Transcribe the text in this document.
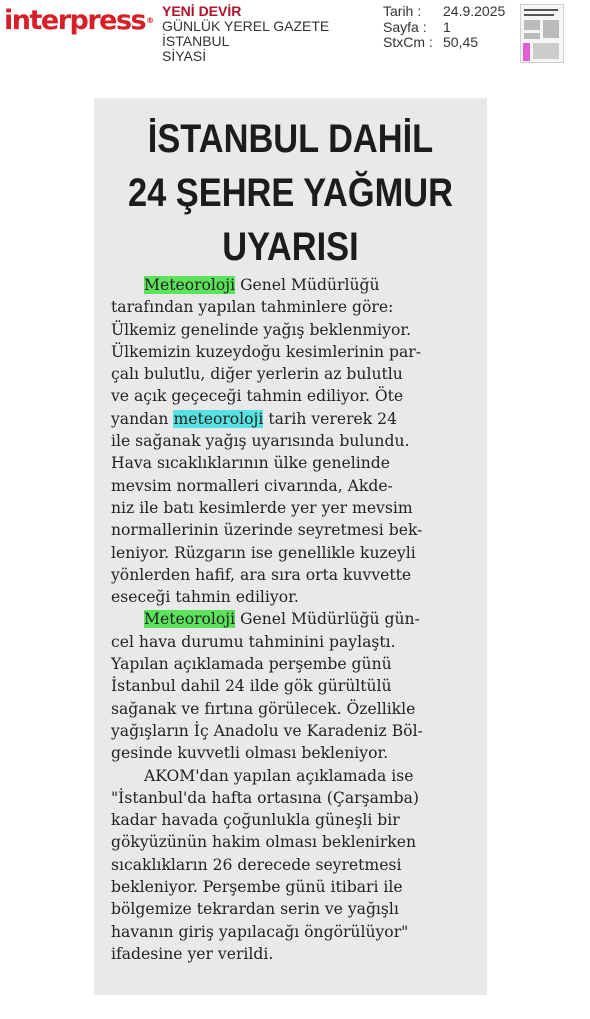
interpress®
YENİ DEVİR
GÜNLÜK YEREL GAZETE
İSTANBUL
SİYASİ
Tarih :	24.9.2025
Sayfa :	1
StxCm : 50,45
İSTANBUL DAHİL
24 ŞEHRE YAĞMUR
UYARISI
Meteoroloji Genel Müdürlüğü
tarafından yapılan tahminlere göre:
Ülkemiz genelinde yağış beklenmiyor.
Ülkemizin kuzeydoğu kesimlerinin par-
çalı bulutlu, diğer yerlerin az bulutlu
ve açık geçeceği tahmin ediliyor. Öte
yandan meteoroloji tarih vererek 24
ile sağanak yağış uyarısında bulundu.
Hava sıcaklıklarının ülke genelinde
mevsim normalleri civarında, Akde-
niz ile batı kesimlerde yer yer mevsim
normallerinin üzerinde seyretmesi bek-
leniyor. Rüzgarın ise genellikle kuzeyli
yönlerden hafif, ara sıra orta kuvvette
eseceği tahmin ediliyor.
Meteoroloji Genel Müdürlüğü gün-
cel hava durumu tahminini paylaştı.
Yapılan açıklamada perşembe günü
İstanbul dahil 24 ilde gök gürültülü
sağanak ve fırtına görülecek. Özellikle
yağışların İç Anadolu ve Karadeniz Böl-
gesinde kuvvetli olması bekleniyor.
AKOM'dan yapılan açıklamada ise
"İstanbul'da hafta ortasına (Çarşamba)
kadar havada çoğunlukla güneşli bir
gökyüzünün hakim olması beklenirken
sıcaklıkların 26 derecede seyretmesi
bekleniyor. Perşembe günü itibari ile
bölgemize tekrardan serin ve yağışlı
havanın giriş yapılacağı öngörülüyor"
ifadesine yer verildi.
